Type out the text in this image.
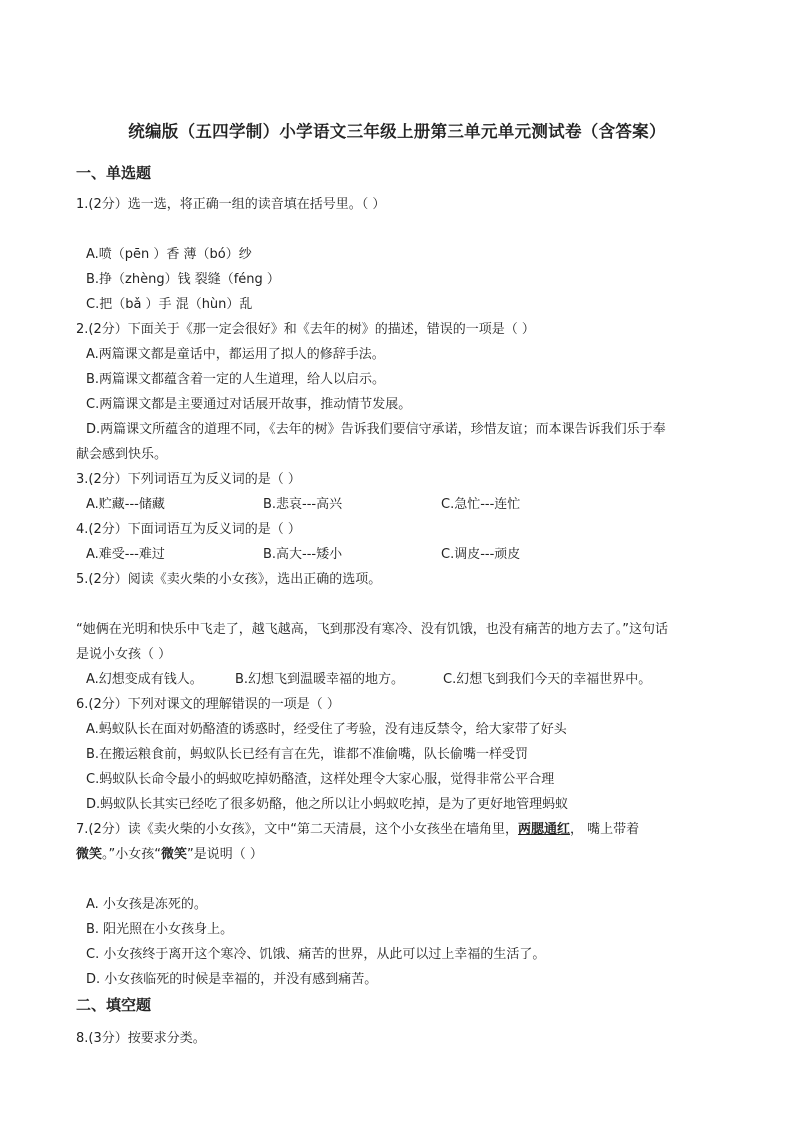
统编版（五四学制）小学语文三年级上册第三单元单元测试卷（含答案）
一、单选题
1.(2分）选一选，将正确一组的读音填在括号里。（ ）
A.喷（pēn ）香 薄（bó）纱
B.挣（zhèng）钱 裂缝（féng ）
C.把（bǎ ）手 混（hùn）乱
2.(2分）下面关于《那一定会很好》和《去年的树》的描述，错误的一项是（ ）
A.两篇课文都是童话中，都运用了拟人的修辞手法。
B.两篇课文都蕴含着一定的人生道理，给人以启示。
C.两篇课文都是主要通过对话展开故事，推动情节发展。
D.两篇课文所蕴含的道理不同，《去年的树》告诉我们要信守承诺，珍惜友谊；而本课告诉我们乐于奉
献会感到快乐。
3.(2分）下列词语互为反义词的是（ ）
A.贮藏---储藏	B.悲哀---高兴	C.急忙---连忙
4.(2分）下面词语互为反义词的是（ ）
A.难受---难过	B.高大---矮小	C.调皮---顽皮
5.(2分）阅读《卖火柴的小女孩》，选出正确的选项。
“她俩在光明和快乐中飞走了，越飞越高，飞到那没有寒冷、没有饥饿，也没有痛苦的地方去了。”这句话
是说小女孩（ ）
A.幻想变成有钱人。 B.幻想飞到温暖幸福的地方。	C.幻想飞到我们今天的幸福世界中。
6.(2分）下列对课文的理解错误的一项是（ ）
A.蚂蚁队长在面对奶酪渣的诱惑时，经受住了考验，没有违反禁令，给大家带了好头
B.在搬运粮食前，蚂蚁队长已经有言在先，谁都不准偷嘴，队长偷嘴一样受罚
C.蚂蚁队长命令最小的蚂蚁吃掉奶酪渣，这样处理令大家心服，觉得非常公平合理
D.蚂蚁队长其实已经吃了很多奶酪，他之所以让小蚂蚁吃掉，是为了更好地管理蚂蚁
7.(2分）读《卖火柴的小女孩》，文中“第二天清晨，这个小女孩坐在墙角里，两腮通红， 嘴上带着
微笑。”小女孩“微笑”是说明（ ）
A. 小女孩是冻死的。
B. 阳光照在小女孩身上。
C. 小女孩终于离开这个寒冷、饥饿、痛苦的世界，从此可以过上幸福的生活了。
D. 小女孩临死的时候是幸福的，并没有感到痛苦。
二、填空题
8.(3分）按要求分类。
